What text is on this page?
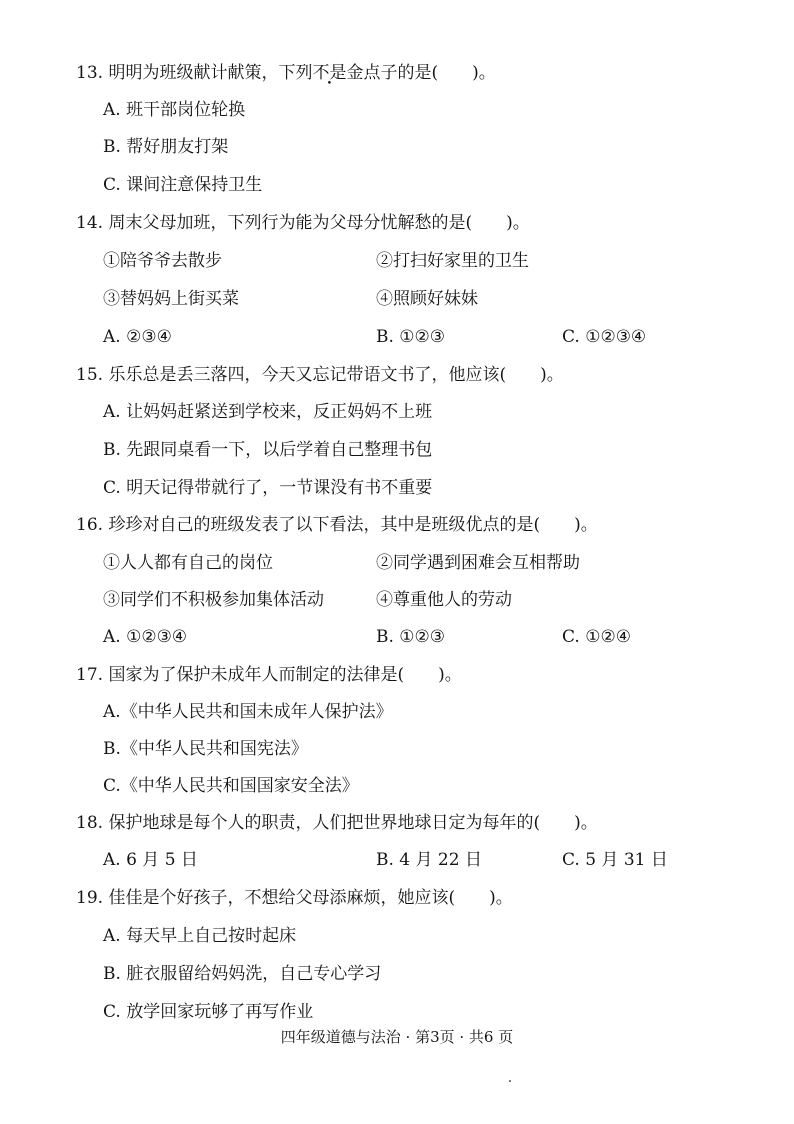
13. 明明为班级献计献策，下列不是金点子的是(　　)。
A. 班干部岗位轮换
B. 帮好朋友打架
C. 课间注意保持卫生
14. 周末父母加班，下列行为能为父母分忧解愁的是(　　)。
①陪爷爷去散步	②打扫好家里的卫生
③替妈妈上街买菜	④照顾好妹妹
A. ②③④	B. ①②③	C. ①②③④
15. 乐乐总是丢三落四，今天又忘记带语文书了，他应该(　　)。
A. 让妈妈赶紧送到学校来，反正妈妈不上班
B. 先跟同桌看一下，以后学着自己整理书包
C. 明天记得带就行了，一节课没有书不重要
16. 珍珍对自己的班级发表了以下看法，其中是班级优点的是(　　)。
①人人都有自己的岗位	②同学遇到困难会互相帮助
③同学们不积极参加集体活动	④尊重他人的劳动
A. ①②③④	B. ①②③	C. ①②④
17. 国家为了保护未成年人而制定的法律是(　　)。
A.《中华人民共和国未成年人保护法》
B.《中华人民共和国宪法》
C.《中华人民共和国国家安全法》
18. 保护地球是每个人的职责，人们把世界地球日定为每年的(　　)。
A. 6 月 5 日	B. 4 月 22 日	C. 5 月 31 日
19. 佳佳是个好孩子，不想给父母添麻烦，她应该(　　)。
A. 每天早上自己按时起床
B. 脏衣服留给妈妈洗，自己专心学习
C. 放学回家玩够了再写作业
四年级道德与法治 · 第3页 · 共6 页
